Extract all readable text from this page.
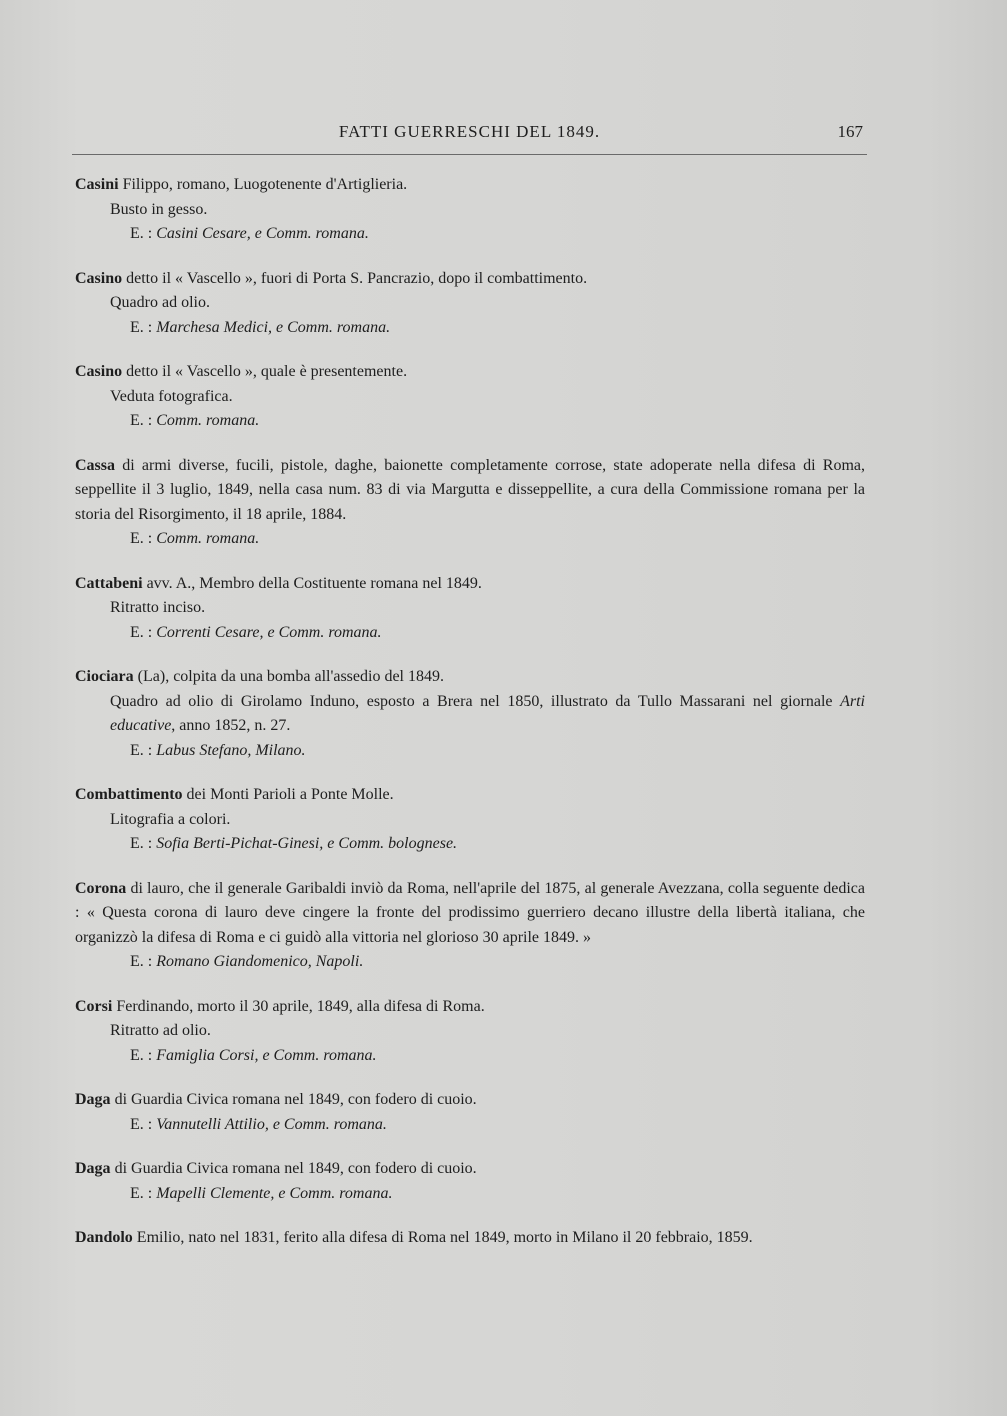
FATTI GUERRESCHI DEL 1849.	167

Casini Filippo, romano, Luogotenente d'Artiglieria.

Busto in gesso.

E. : Casini Cesare, e Comm. romana.

Casino detto il « Vascello », fuori di Porta S. Pancrazio, dopo il combattimento.

Quadro ad olio.

E. : Marchesa Medici, e Comm. romana.

Casino detto il « Vascello », quale è presentemente.

Veduta fotografica.

E. : Comm. romana.

Cassa di armi diverse, fucili, pistole, daghe, baionette completamente corrose, state adoperate nella difesa di Roma, seppellite il 3 luglio, 1849, nella casa num. 83 di via Margutta e disseppellite, a cura della Commissione romana per la storia del Risorgimento, il 18 aprile, 1884.

E. : Comm. romana.

Cattabeni avv. A., Membro della Costituente romana nel 1849.

Ritratto inciso.

E. : Correnti Cesare, e Comm. romana.

Ciociara (La), colpita da una bomba all'assedio del 1849.

Quadro ad olio di Girolamo Induno, esposto a Brera nel 1850, illustrato da Tullo Massarani nel giornale Arti educative, anno 1852, n. 27.

E. : Labus Stefano, Milano.

Combattimento dei Monti Parioli a Ponte Molle.

Litografia a colori.

E. : Sofia Berti-Pichat-Ginesi, e Comm. bolognese.

Corona di lauro, che il generale Garibaldi inviò da Roma, nell'aprile del 1875, al generale Avezzana, colla seguente dedica : « Questa corona di lauro deve cingere la fronte del prodissimo guerriero decano illustre della libertà italiana, che organizzò la difesa di Roma e ci guidò alla vittoria nel glorioso 30 aprile 1849. »

E. : Romano Giandomenico, Napoli.

Corsi Ferdinando, morto il 30 aprile, 1849, alla difesa di Roma.

Ritratto ad olio.

E. : Famiglia Corsi, e Comm. romana.

Daga di Guardia Civica romana nel 1849, con fodero di cuoio.

E. : Vannutelli Attilio, e Comm. romana.

Daga di Guardia Civica romana nel 1849, con fodero di cuoio.

E. : Mapelli Clemente, e Comm. romana.

Dandolo Emilio, nato nel 1831, ferito alla difesa di Roma nel 1849, morto in Milano il 20 febbraio, 1859.
